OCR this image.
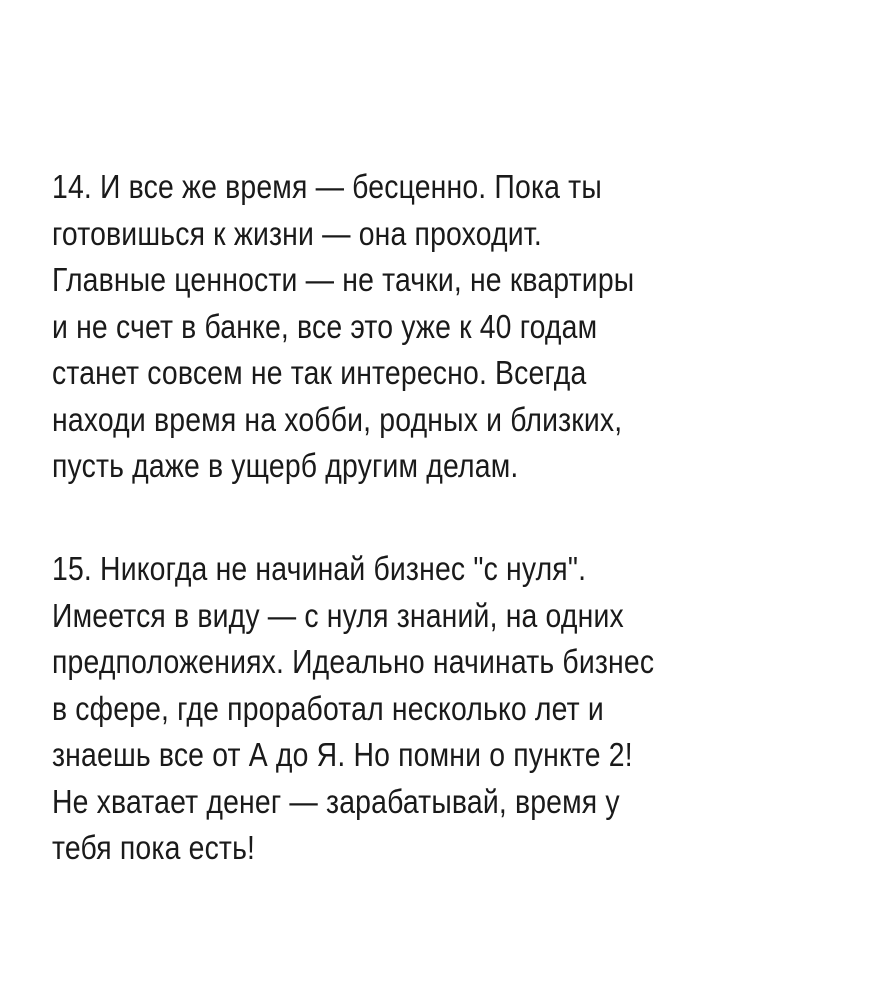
14. И все же время — бесценно. Пока ты
готовишься к жизни — она проходит.
Главные ценности — не тачки, не квартиры
и не счет в банке, все это уже к 40 годам
станет совсем не так интересно. Всегда
находи время на хобби, родных и близких,
пусть даже в ущерб другим делам.
15. Никогда не начинай бизнес "с нуля".
Имеется в виду — с нуля знаний, на одних
предположениях. Идеально начинать бизнес
в сфере, где проработал несколько лет и
знаешь все от А до Я. Но помни о пункте 2!
Не хватает денег — зарабатывай, время у
тебя пока есть!
